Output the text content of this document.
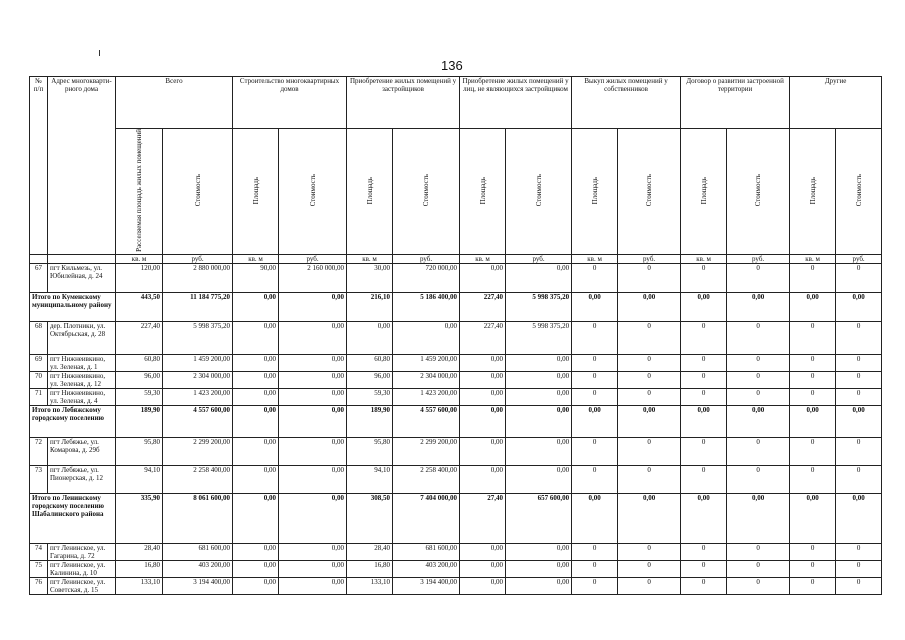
136
№ п/п	Адрес многокварти-рного дома	Всего		Строительство многоквартирных домов		Приобретение жилых помещений у застройщиков		Приобретение жилых помещений у лиц, не являющихся застройщиком		Выкуп жилых помещений у собственников		Договор о развитии застроенной территории		Другие	
		Расселяемая площадь жилых помещений	Стоимость	Площадь	Стоимость	Площадь	Стоимость	Площадь	Стоимость	Площадь	Стоимость	Площадь	Стоимость	Площадь	Стоимость
		кв. м	руб.	кв. м	руб.	кв. м	руб.	кв. м	руб.	кв. м	руб.	кв. м	руб.	кв. м	руб.
67	пгт Кильмезь, ул. Юбилейная, д. 24	120,00	2 880 000,00	90,00	2 160 000,00	30,00	720 000,00	0,00	0,00	0	0	0	0	0	0
Итого по Куменскому муниципальному району		443,50	11 184 775,20	0,00	0,00	216,10	5 186 400,00	227,40	5 998 375,20	0,00	0,00	0,00	0,00	0,00	0,00
68	дер. Плотники, ул. Октябрьская, д. 28	227,40	5 998 375,20	0,00	0,00	0,00	0,00	227,40	5 998 375,20	0	0	0	0	0	0
69	пгт Нижнеивкино, ул. Зеленая, д. 1	60,80	1 459 200,00	0,00	0,00	60,80	1 459 200,00	0,00	0,00	0	0	0	0	0	0
70	пгт Нижнеивкино, ул. Зеленая, д. 12	96,00	2 304 000,00	0,00	0,00	96,00	2 304 000,00	0,00	0,00	0	0	0	0	0	0
71	пгт Нижнеивкино, ул. Зеленая, д. 4	59,30	1 423 200,00	0,00	0,00	59,30	1 423 200,00	0,00	0,00	0	0	0	0	0	0
Итого по Лебяжскому городскому поселению		189,90	4 557 600,00	0,00	0,00	189,90	4 557 600,00	0,00	0,00	0,00	0,00	0,00	0,00	0,00	0,00
72	пгт Лебяжье, ул. Комарова, д. 29б	95,80	2 299 200,00	0,00	0,00	95,80	2 299 200,00	0,00	0,00	0	0	0	0	0	0
73	пгт Лебяжье, ул. Пионерская, д. 12	94,10	2 258 400,00	0,00	0,00	94,10	2 258 400,00	0,00	0,00	0	0	0	0	0	0
Итого по Ленинскому городскому поселению Шабалинского района		335,90	8 061 600,00	0,00	0,00	308,50	7 404 000,00	27,40	657 600,00	0,00	0,00	0,00	0,00	0,00	0,00
74	пгт Ленинское, ул. Гагарина, д. 72	28,40	681 600,00	0,00	0,00	28,40	681 600,00	0,00	0,00	0	0	0	0	0	0
75	пгт Ленинское, ул. Калинина, д. 10	16,80	403 200,00	0,00	0,00	16,80	403 200,00	0,00	0,00	0	0	0	0	0	0
76	пгт Ленинское, ул. Советская, д. 15	133,10	3 194 400,00	0,00	0,00	133,10	3 194 400,00	0,00	0,00	0	0	0	0	0	0
